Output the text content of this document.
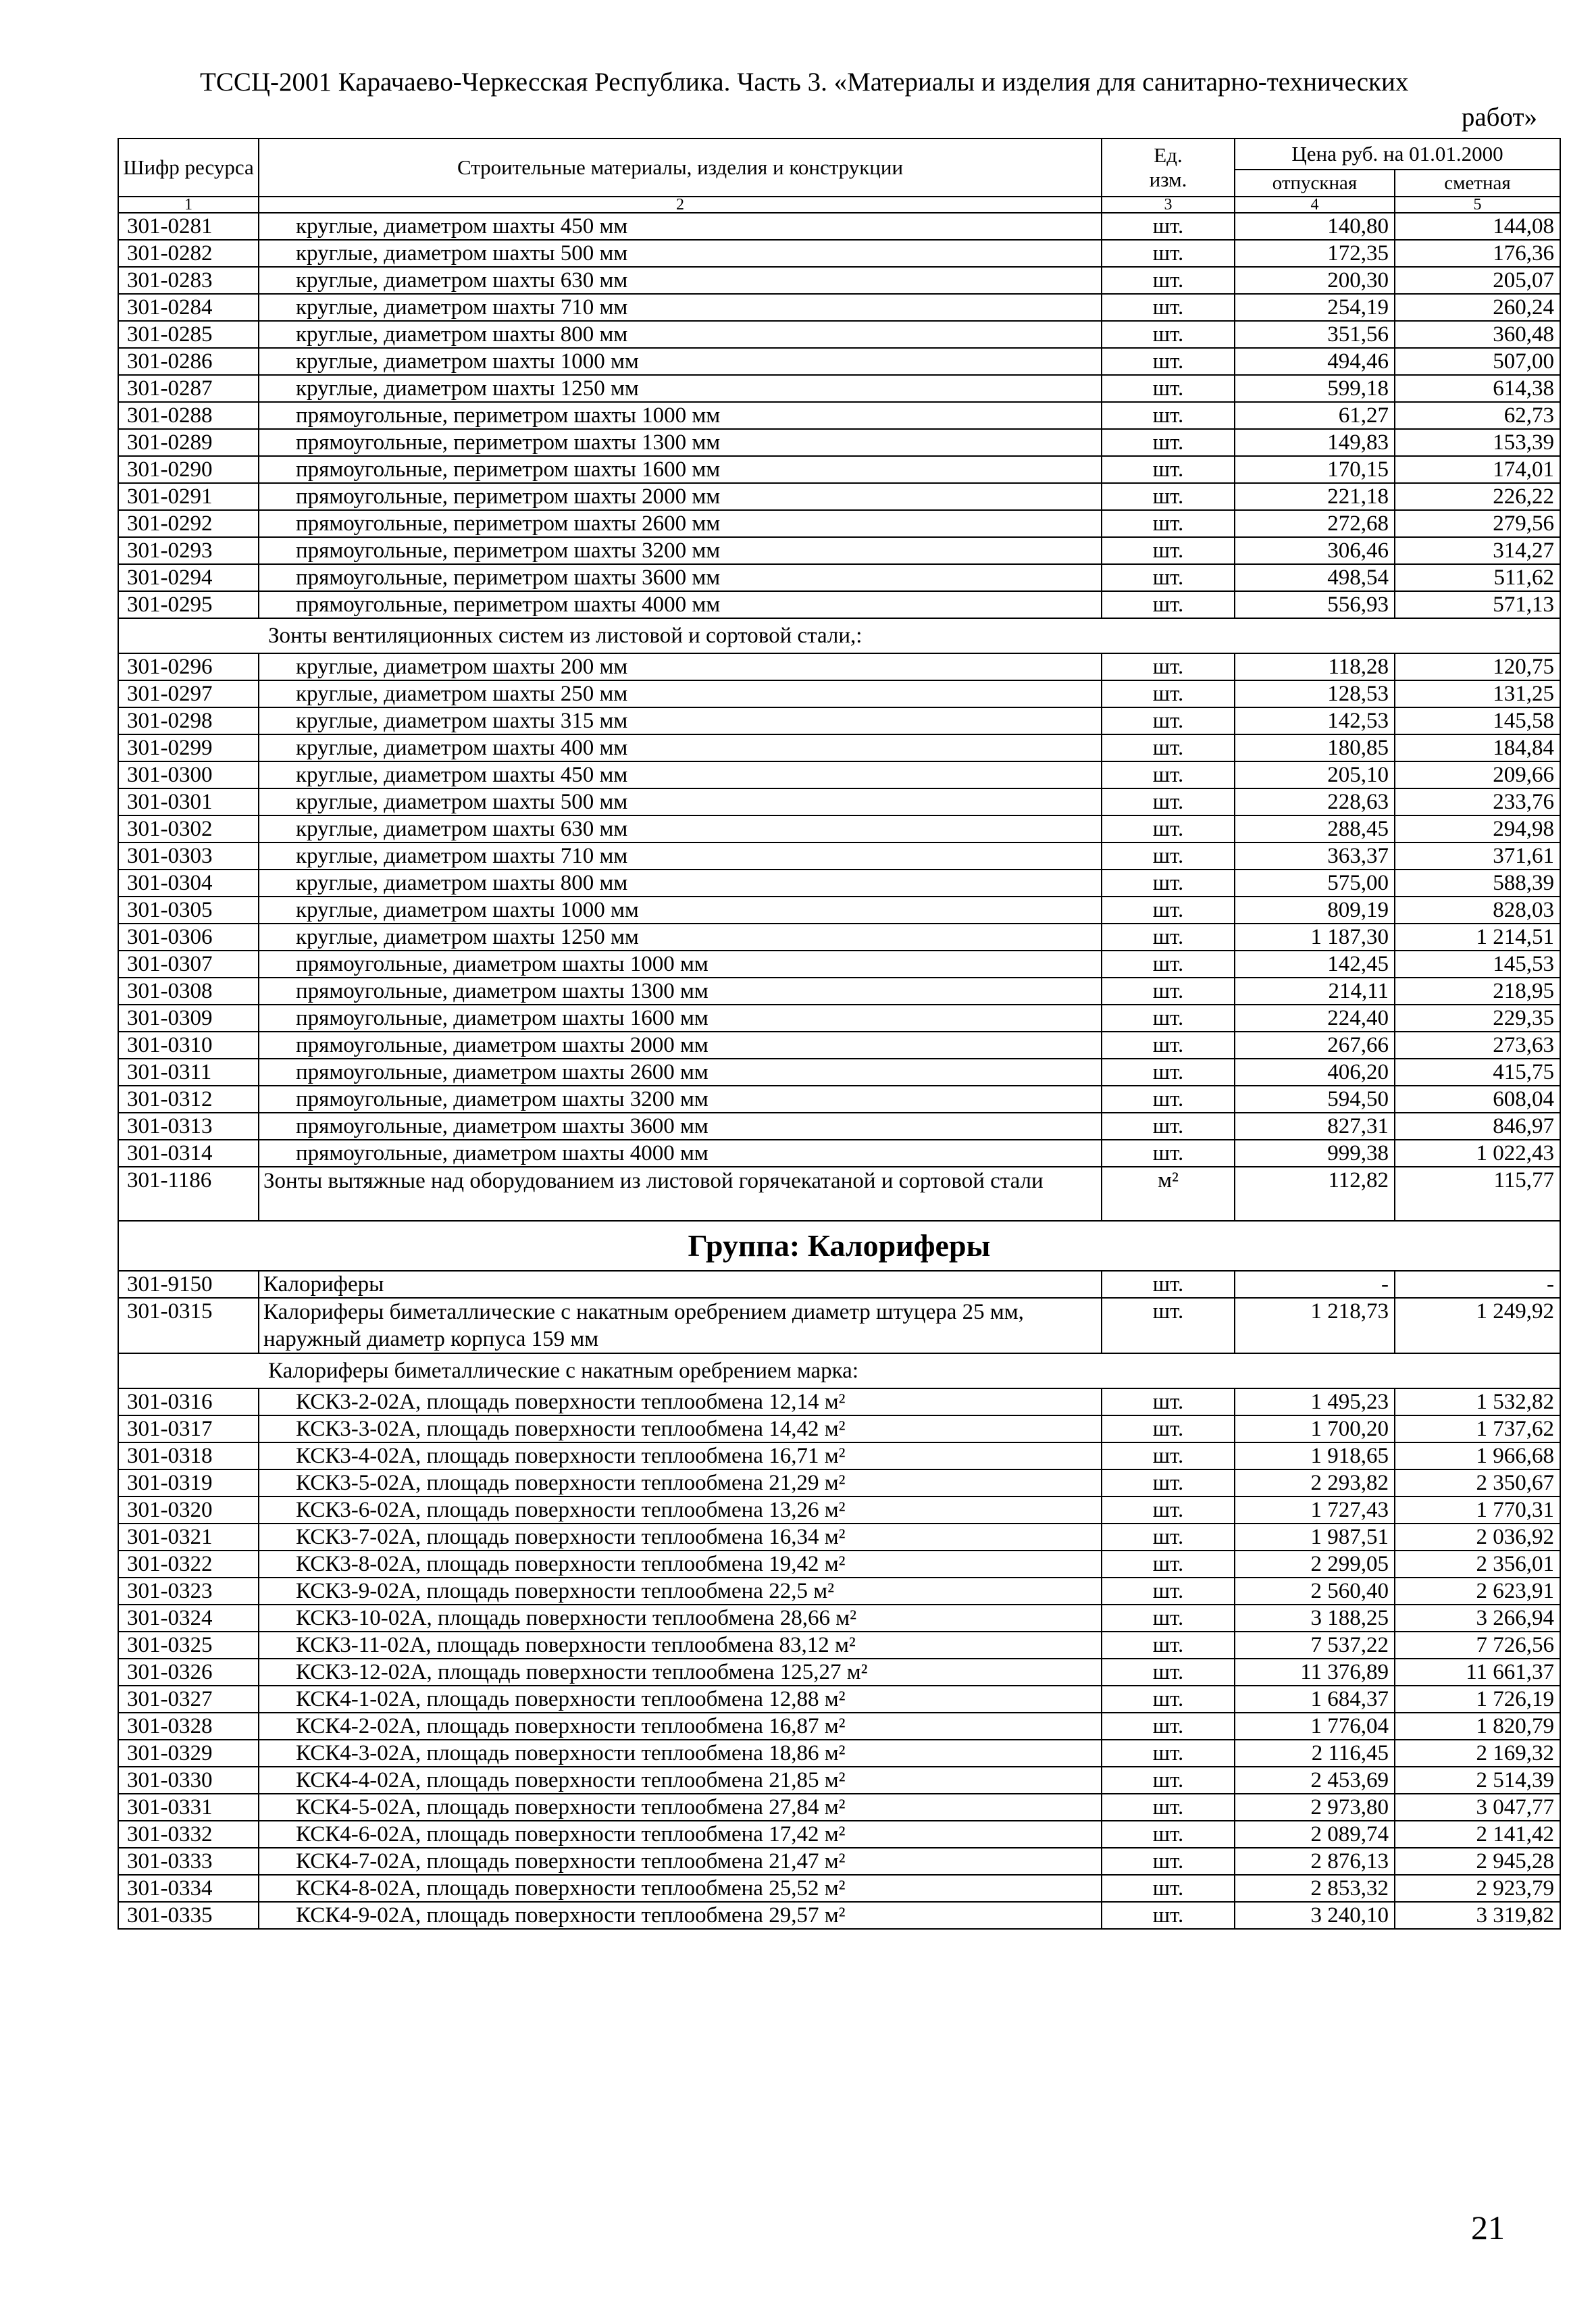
ТССЦ-2001 Карачаево-Черкесская Республика. Часть 3. «Материалы и изделия для санитарно-технических
работ»
Шифр ресурса	Строительные материалы, изделия и конструкции	Ед. изм.	Цена руб. на 01.01.2000	
			отпускная	сметная
1	2	3	4	5
301-0281	круглые, диаметром шахты 450 мм	шт.	140,80	144,08
301-0282	круглые, диаметром шахты 500 мм	шт.	172,35	176,36
301-0283	круглые, диаметром шахты 630 мм	шт.	200,30	205,07
301-0284	круглые, диаметром шахты 710 мм	шт.	254,19	260,24
301-0285	круглые, диаметром шахты 800 мм	шт.	351,56	360,48
301-0286	круглые, диаметром шахты 1000 мм	шт.	494,46	507,00
301-0287	круглые, диаметром шахты 1250 мм	шт.	599,18	614,38
301-0288	прямоугольные, периметром шахты 1000 мм	шт.	61,27	62,73
301-0289	прямоугольные, периметром шахты 1300 мм	шт.	149,83	153,39
301-0290	прямоугольные, периметром шахты 1600 мм	шт.	170,15	174,01
301-0291	прямоугольные, периметром шахты 2000 мм	шт.	221,18	226,22
301-0292	прямоугольные, периметром шахты 2600 мм	шт.	272,68	279,56
301-0293	прямоугольные, периметром шахты 3200 мм	шт.	306,46	314,27
301-0294	прямоугольные, периметром шахты 3600 мм	шт.	498,54	511,62
301-0295	прямоугольные, периметром шахты 4000 мм	шт.	556,93	571,13
	Зонты вентиляционных систем из листовой и сортовой стали,:			
301-0296	круглые, диаметром шахты 200 мм	шт.	118,28	120,75
301-0297	круглые, диаметром шахты 250 мм	шт.	128,53	131,25
301-0298	круглые, диаметром шахты 315 мм	шт.	142,53	145,58
301-0299	круглые, диаметром шахты 400 мм	шт.	180,85	184,84
301-0300	круглые, диаметром шахты 450 мм	шт.	205,10	209,66
301-0301	круглые, диаметром шахты 500 мм	шт.	228,63	233,76
301-0302	круглые, диаметром шахты 630 мм	шт.	288,45	294,98
301-0303	круглые, диаметром шахты 710 мм	шт.	363,37	371,61
301-0304	круглые, диаметром шахты 800 мм	шт.	575,00	588,39
301-0305	круглые, диаметром шахты 1000 мм	шт.	809,19	828,03
301-0306	круглые, диаметром шахты 1250 мм	шт.	1 187,30	1 214,51
301-0307	прямоугольные, диаметром шахты 1000 мм	шт.	142,45	145,53
301-0308	прямоугольные, диаметром шахты 1300 мм	шт.	214,11	218,95
301-0309	прямоугольные, диаметром шахты 1600 мм	шт.	224,40	229,35
301-0310	прямоугольные, диаметром шахты 2000 мм	шт.	267,66	273,63
301-0311	прямоугольные, диаметром шахты 2600 мм	шт.	406,20	415,75
301-0312	прямоугольные, диаметром шахты 3200 мм	шт.	594,50	608,04
301-0313	прямоугольные, диаметром шахты 3600 мм	шт.	827,31	846,97
301-0314	прямоугольные, диаметром шахты 4000 мм	шт.	999,38	1 022,43
301-1186	Зонты вытяжные над оборудованием из листовой горячекатаной и сортовой стали	м²	112,82	115,77
Группа: Калориферы				
301-9150	Калориферы	шт.	-	-
301-0315	Калориферы биметаллические с накатным оребрением диаметр штуцера 25 мм, наружный диаметр корпуса 159 мм	шт.	1 218,73	1 249,92
	Калориферы биметаллические с накатным оребрением марка:			
301-0316	КСК3-2-02А, площадь поверхности теплообмена 12,14 м²	шт.	1 495,23	1 532,82
301-0317	КСК3-3-02А, площадь поверхности теплообмена 14,42 м²	шт.	1 700,20	1 737,62
301-0318	КСК3-4-02А, площадь поверхности теплообмена 16,71 м²	шт.	1 918,65	1 966,68
301-0319	КСК3-5-02А, площадь поверхности теплообмена 21,29 м²	шт.	2 293,82	2 350,67
301-0320	КСК3-6-02А, площадь поверхности теплообмена 13,26 м²	шт.	1 727,43	1 770,31
301-0321	КСК3-7-02А, площадь поверхности теплообмена 16,34 м²	шт.	1 987,51	2 036,92
301-0322	КСК3-8-02А, площадь поверхности теплообмена 19,42 м²	шт.	2 299,05	2 356,01
301-0323	КСК3-9-02А, площадь поверхности теплообмена 22,5 м²	шт.	2 560,40	2 623,91
301-0324	КСК3-10-02А, площадь поверхности теплообмена 28,66 м²	шт.	3 188,25	3 266,94
301-0325	КСК3-11-02А, площадь поверхности теплообмена 83,12 м²	шт.	7 537,22	7 726,56
301-0326	КСК3-12-02А, площадь поверхности теплообмена 125,27 м²	шт.	11 376,89	11 661,37
301-0327	КСК4-1-02А, площадь поверхности теплообмена 12,88 м²	шт.	1 684,37	1 726,19
301-0328	КСК4-2-02А, площадь поверхности теплообмена 16,87 м²	шт.	1 776,04	1 820,79
301-0329	КСК4-3-02А, площадь поверхности теплообмена 18,86 м²	шт.	2 116,45	2 169,32
301-0330	КСК4-4-02А, площадь поверхности теплообмена 21,85 м²	шт.	2 453,69	2 514,39
301-0331	КСК4-5-02А, площадь поверхности теплообмена 27,84 м²	шт.	2 973,80	3 047,77
301-0332	КСК4-6-02А, площадь поверхности теплообмена 17,42 м²	шт.	2 089,74	2 141,42
301-0333	КСК4-7-02А, площадь поверхности теплообмена 21,47 м²	шт.	2 876,13	2 945,28
301-0334	КСК4-8-02А, площадь поверхности теплообмена 25,52 м²	шт.	2 853,32	2 923,79
301-0335	КСК4-9-02А, площадь поверхности теплообмена 29,57 м²	шт.	3 240,10	3 319,82
21
